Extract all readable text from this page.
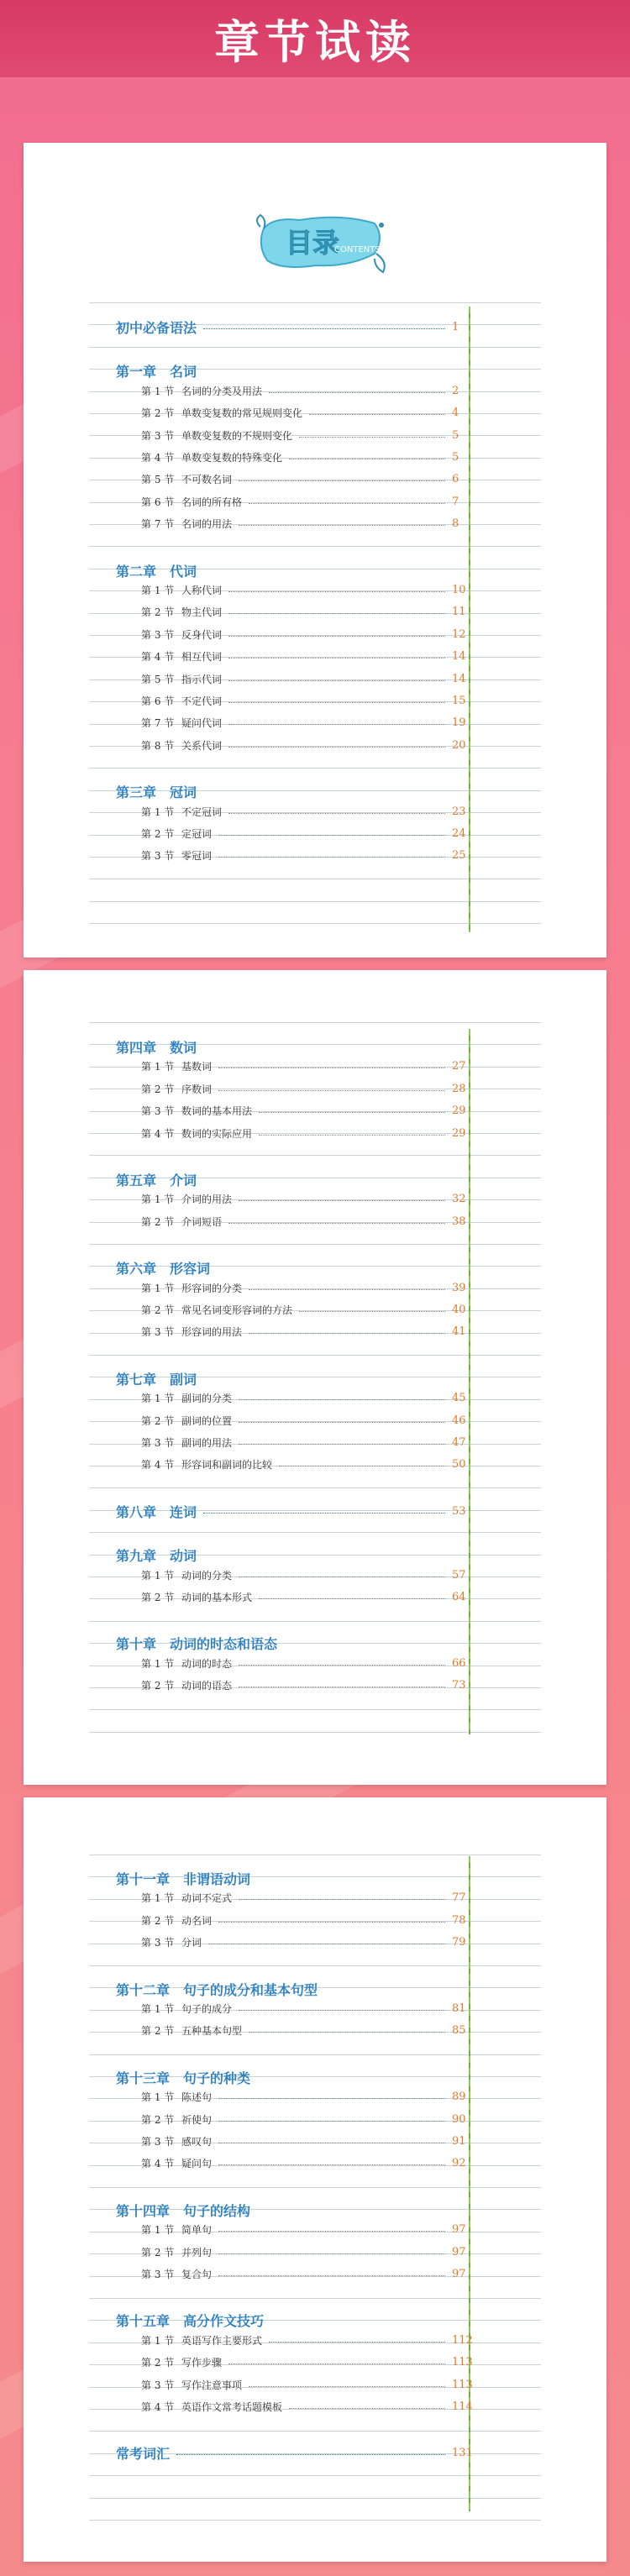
章节试读
目录
CONTENTS
初中必备语法	1
第一章　名词
第 1 节 名词的分类及用法	2
第 2 节 单数变复数的常见规则变化	4
第 3 节 单数变复数的不规则变化	5
第 4 节 单数变复数的特殊变化	5
第 5 节 不可数名词	6
第 6 节 名词的所有格	7
第 7 节 名词的用法	8
第二章　代词
第 1 节 人称代词	10
第 2 节 物主代词	11
第 3 节 反身代词	12
第 4 节 相互代词	14
第 5 节 指示代词	14
第 6 节 不定代词	15
第 7 节 疑问代词	19
第 8 节 关系代词	20
第三章　冠词
第 1 节 不定冠词	23
第 2 节 定冠词	24
第 3 节 零冠词	25
第四章　数词
第 1 节 基数词	27
第 2 节 序数词	28
第 3 节 数词的基本用法	29
第 4 节 数词的实际应用	29
第五章　介词
第 1 节 介词的用法	32
第 2 节 介词短语	38
第六章　形容词
第 1 节 形容词的分类	39
第 2 节 常见名词变形容词的方法	40
第 3 节 形容词的用法	41
第七章　副词
第 1 节 副词的分类	45
第 2 节 副词的位置	46
第 3 节 副词的用法	47
第 4 节 形容词和副词的比较	50
第八章　连词	53
第九章　动词
第 1 节 动词的分类	57
第 2 节 动词的基本形式	64
第十章　动词的时态和语态
第 1 节 动词的时态	66
第 2 节 动词的语态	73
第十一章　非谓语动词
第 1 节 动词不定式	77
第 2 节 动名词	78
第 3 节 分词	79
第十二章　句子的成分和基本句型
第 1 节 句子的成分	81
第 2 节 五种基本句型	85
第十三章　句子的种类
第 1 节 陈述句	89
第 2 节 祈使句	90
第 3 节 感叹句	91
第 4 节 疑问句	92
第十四章　句子的结构
第 1 节 简单句	97
第 2 节 并列句	97
第 3 节 复合句	97
第十五章　高分作文技巧
第 1 节 英语写作主要形式	112
第 2 节 写作步骤	113
第 3 节 写作注意事项	113
第 4 节 英语作文常考话题模板	114
常考词汇	131
